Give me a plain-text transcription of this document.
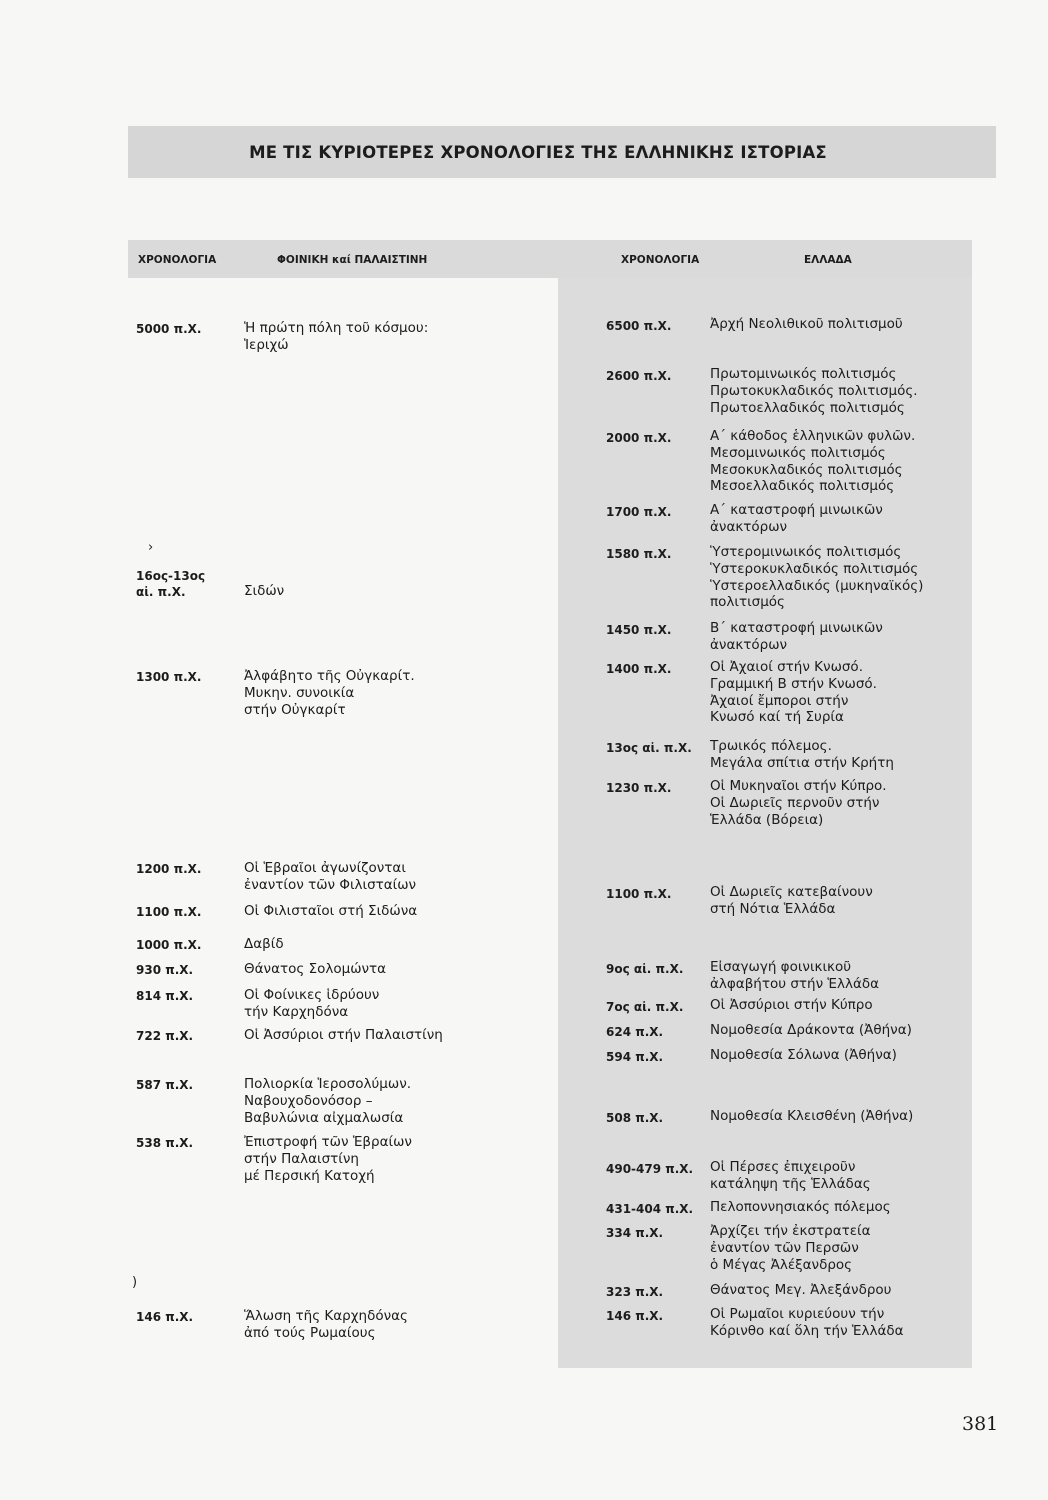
ΜΕ ΤΙΣ ΚΥΡΙΟΤΕΡΕΣ ΧΡΟΝΟΛΟΓΙΕΣ ΤΗΣ ΕΛΛΗΝΙΚΗΣ ΙΣΤΟΡΙΑΣ
ΧΡΟΝΟΛΟΓΙΑ	ΦΟΙΝΙΚΗ καί ΠΑΛΑΙΣΤΙΝΗ	ΧΡΟΝΟΛΟΓΙΑ	ΕΛΛΑΔΑ
5000 π.Χ.	Ἡ πρώτη πόλη τοῦ κόσμου:
Ἱεριχώ
›
16ος-13ος
αἰ. π.Χ.	Σιδών
1300 π.Χ.	Ἀλφάβητο τῆς Οὐγκαρίτ.
Μυκην. συνοικία
στήν Οὐγκαρίτ
1200 π.Χ.	Οἱ Ἑβραῖοι ἀγωνίζονται
ἐναντίον τῶν Φιλισταίων
1100 π.Χ.	Οἱ Φιλισταῖοι στή Σιδώνα
1000 π.Χ.	Δαβίδ
930 π.Χ.	Θάνατος Σολομώντα
814 π.Χ.	Οἱ Φοίνικες ἱδρύουν
τήν Καρχηδόνα
722 π.Χ.	Οἱ Ἀσσύριοι στήν Παλαιστίνη
587 π.Χ.	Πολιορκία Ἱεροσολύμων.
Ναβουχοδονόσορ –
Βαβυλώνια αἰχμαλωσία
538 π.Χ.	Ἐπιστροφή τῶν Ἑβραίων
στήν Παλαιστίνη
μέ Περσική Κατοχή
)
146 π.Χ.	Ἅλωση τῆς Καρχηδόνας
ἀπό τούς Ρωμαίους
6500 π.Χ.	Ἀρχή Νεολιθικοῦ πολιτισμοῦ
2600 π.Χ.	Πρωτομινωικός πολιτισμός
Πρωτοκυκλαδικός πολιτισμός.
Πρωτοελλαδικός πολιτισμός
2000 π.Χ.	Α´ κάθοδος ἑλληνικῶν φυλῶν.
Μεσομινωικός πολιτισμός
Μεσοκυκλαδικός πολιτισμός
Μεσοελλαδικός πολιτισμός
1700 π.Χ.	Α´ καταστροφή μινωικῶν
ἀνακτόρων
1580 π.Χ.	Ὑστερομινωικός πολιτισμός
Ὑστεροκυκλαδικός πολιτισμός
Ὑστεροελλαδικός (μυκηναϊκός)
πολιτισμός
1450 π.Χ.	Β´ καταστροφή μινωικῶν
ἀνακτόρων
1400 π.Χ.	Οἱ Ἀχαιοί στήν Κνωσό.
Γραμμική Β στήν Κνωσό.
Ἀχαιοί ἔμποροι στήν
Κνωσό καί τή Συρία
13ος αἰ. π.Χ. Τρωικός πόλεμος.
Μεγάλα σπίτια στήν Κρήτη
1230 π.Χ.	Οἱ Μυκηναῖοι στήν Κύπρο.
Οἱ Δωριεῖς περνοῦν στήν
Ἑλλάδα (Βόρεια)
1100 π.Χ.	Οἱ Δωριεῖς κατεβαίνουν
στή Νότια Ἑλλάδα
9ος αἰ. π.Χ. Εἰσαγωγή φοινικικοῦ
ἀλφαβήτου στήν Ἑλλάδα
7ος αἰ. π.Χ. Οἱ Ἀσσύριοι στήν Κύπρο
624 π.Χ.	Νομοθεσία Δράκοντα (Ἀθήνα)
594 π.Χ.	Νομοθεσία Σόλωνα (Ἀθήνα)
508 π.Χ.	Νομοθεσία Κλεισθένη (Ἀθήνα)
490-479 π.Χ. Οἱ Πέρσες ἐπιχειροῦν
κατάληψη τῆς Ἑλλάδας
431-404 π.Χ. Πελοποννησιακός πόλεμος
334 π.Χ.	Ἀρχίζει τήν ἐκστρατεία
ἐναντίον τῶν Περσῶν
ὁ Μέγας Ἀλέξανδρος
323 π.Χ.	Θάνατος Μεγ. Ἀλεξάνδρου
146 π.Χ.	Οἱ Ρωμαῖοι κυριεύουν τήν
Κόρινθο καί ὅλη τήν Ἑλλάδα
381
